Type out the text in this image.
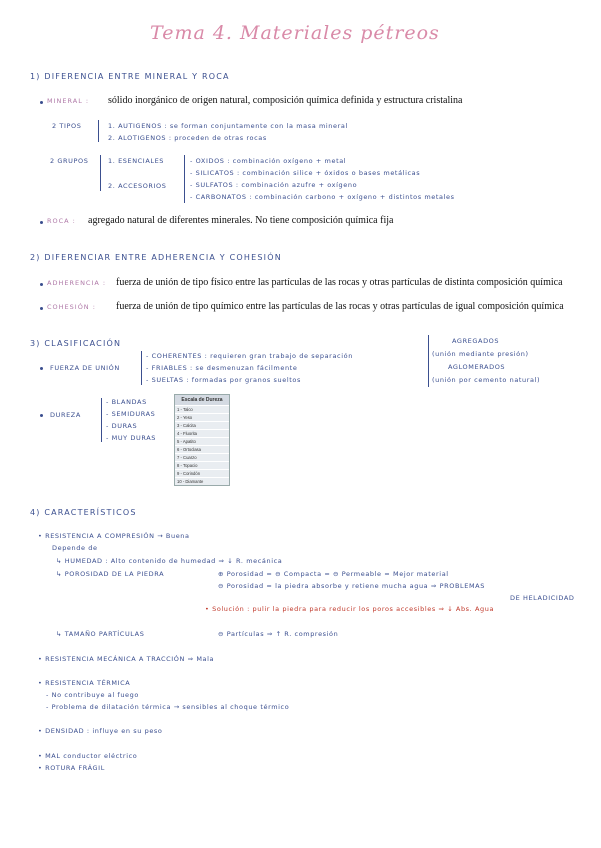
Tema 4. Materiales pétreos
1) DIFERENCIA ENTRE MINERAL Y ROCA
MINERAL : sólido inorgánico de origen natural, composición química definida y estructura cristalina
2 TIPOS	1. AUTIGENOS : se forman conjuntamente con la masa mineral
2. ALOTIGENOS : proceden de otras rocas
2 GRUPOS	1. ESENCIALES
2. ACCESORIOS
- OXIDOS : combinación oxígeno + metal
- SILICATOS : combinación silice + óxidos o bases metálicas
- SULFATOS : combinación azufre + oxígeno
- CARBONATOS : combinación carbono + oxígeno + distintos metales
ROCA : agregado natural de diferentes minerales. No tiene composición química fija
2) DIFERENCIAR ENTRE ADHERENCIA Y COHESIÓN
ADHERENCIA : fuerza de unión de tipo físico entre las partículas de las rocas y otras partículas de distinta composición química
COHESIÓN : fuerza de unión de tipo químico entre las partículas de las rocas y otras partículas de igual composición química
3) CLASIFICACIÓN
FUERZA DE UNIÓN
- COHERENTES : requieren gran trabajo de separación
- FRIABLES : se desmenuzan fácilmente
- SUELTAS : formadas por granos sueltos
AGREGADOS
(unión mediante presión)
AGLOMERADOS
(unión por cemento natural)
DUREZA
- BLANDAS
- SEMIDURAS
- DURAS
- MUY DURAS
Escala de Dureza
1 - Talco
2 - Yeso
3 - Calcita
4 - Fluorita
5 - Apatito
6 - Ortoclasa
7 - Cuarzo
8 - Topacio
9 - Corindón
10 - Diamante
4) CARACTERÍSTICOS
• RESISTENCIA A COMPRESIÓN → Buena
Depende de
↳ HUMEDAD : Alto contenido de humedad ⇒ ↓ R. mecánica
↳ POROSIDAD DE LA PIEDRA	⊕ Porosidad = ⊖ Compacta = ⊖ Permeable = Mejor material
⊖ Porosidad = la piedra absorbe y retiene mucha agua ⇒ PROBLEMAS
DE HELADICIDAD
• Solución : pulir la piedra para reducir los poros accesibles ⇒ ↓ Abs. Agua
↳ TAMAÑO PARTÍCULAS	⊖ Partículas ⇒ ↑ R. compresión
• RESISTENCIA MECÁNICA A TRACCIÓN ⇒ Mala
• RESISTENCIA TÉRMICA
- No contribuye al fuego
- Problema de dilatación térmica → sensibles al choque térmico
• DENSIDAD : influye en su peso
• MAL conductor eléctrico
• ROTURA FRÁGIL
